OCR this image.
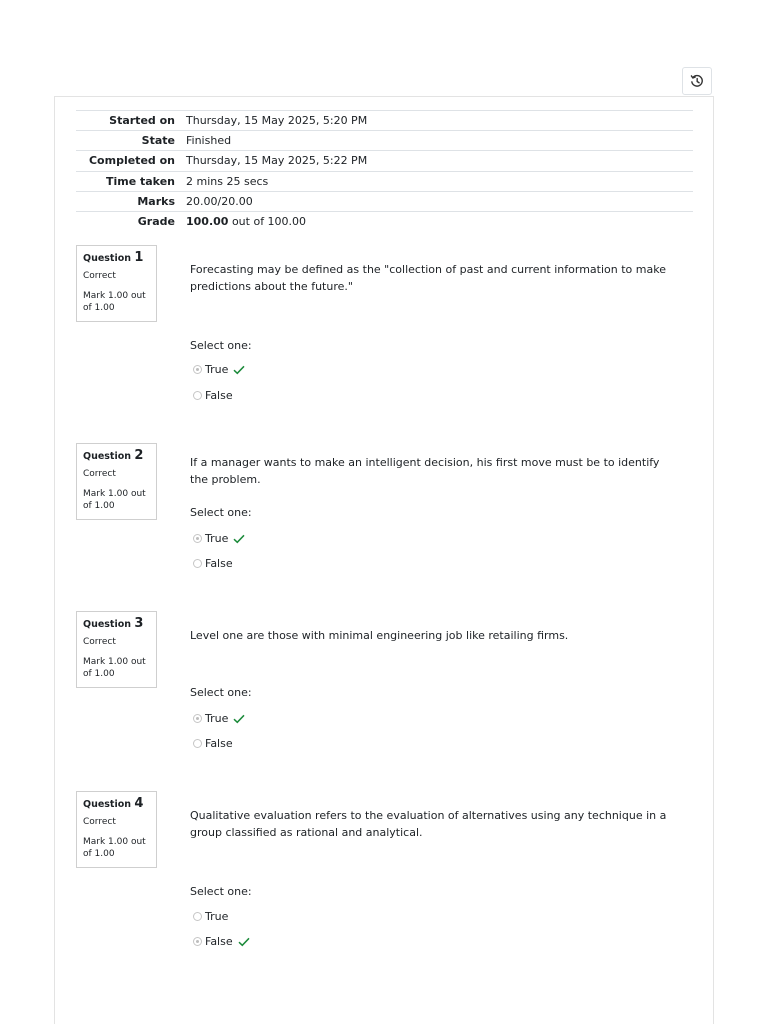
Started on	Thursday, 15 May 2025, 5:20 PM
State	Finished
Completed on	Thursday, 15 May 2025, 5:22 PM
Time taken	2 mins 25 secs
Marks	20.00/20.00
Grade	100.00 out of 100.00
Question 1
Correct
Mark 1.00 out of 1.00
Forecasting may be defined as the "collection of past and current information to make predictions about the future."
Select one:
True
False
Question 2
Correct
Mark 1.00 out of 1.00
If a manager wants to make an intelligent decision, his first move must be to identify the problem.
Select one:
True
False
Question 3
Correct
Mark 1.00 out of 1.00
Level one are those with minimal engineering job like retailing firms.
Select one:
True
False
Question 4
Correct
Mark 1.00 out of 1.00
Qualitative evaluation refers to the evaluation of alternatives using any technique in a group classified as rational and analytical.
Select one:
True
False
